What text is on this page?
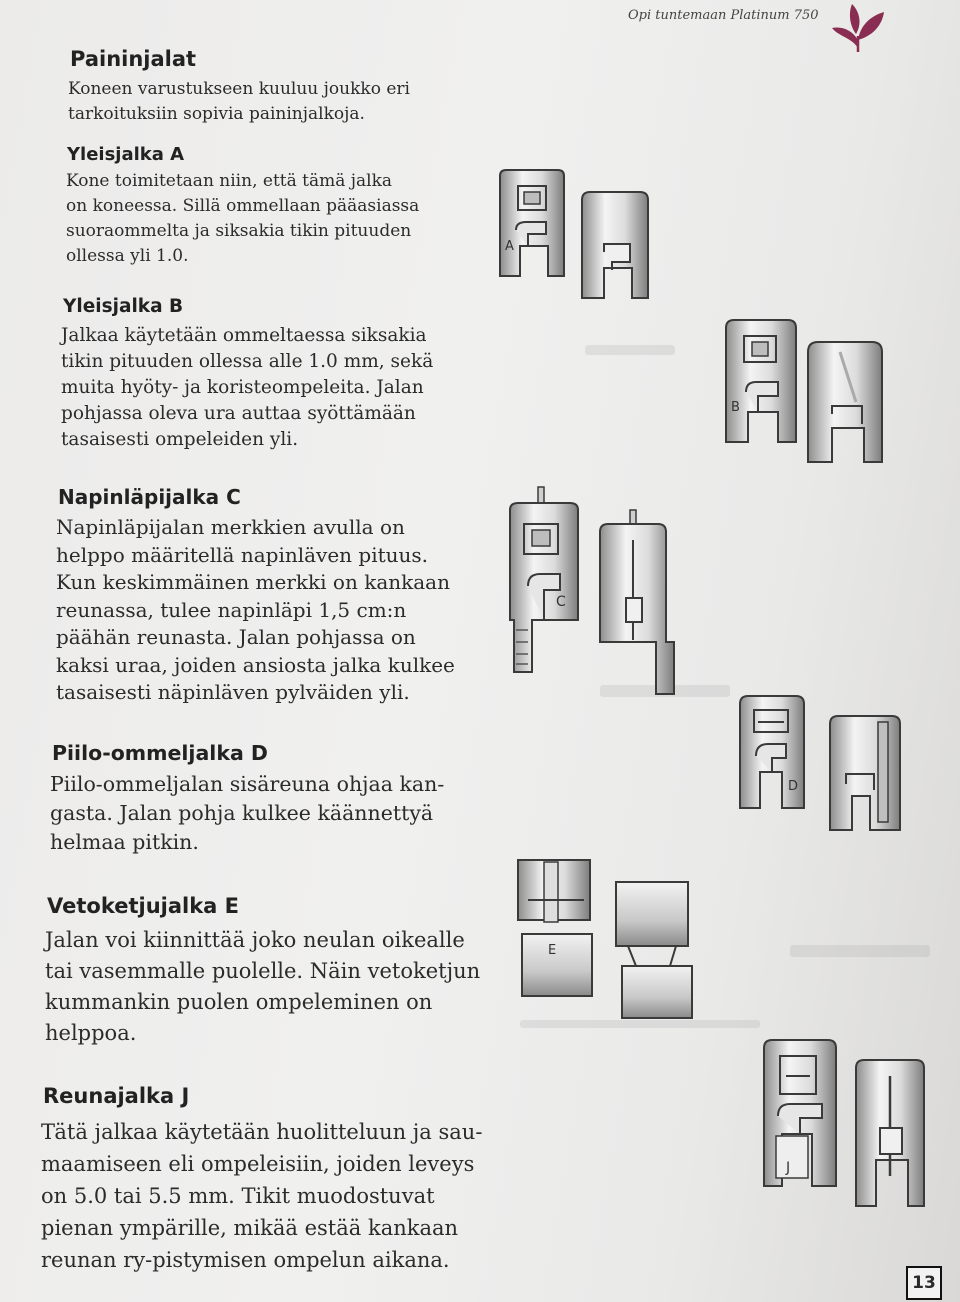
Opi tuntemaan Platinum 750
Paininjalat

Koneen varustukseen kuuluu joukko eri
tarkoituksiin sopivia paininjalkoja.

Yleisjalka A

Kone toimitetaan niin, että tämä jalka
on koneessa. Sillä ommellaan pääasiassa
suoraommelta ja siksakia tikin pituuden
ollessa yli 1.0.

Yleisjalka B

Jalkaa käytetään ommeltaessa siksakia
tikin pituuden ollessa alle 1.0 mm, sekä
muita hyöty- ja koristeompeleita. Jalan
pohjassa oleva ura auttaa syöttämään
tasaisesti ompeleiden yli.

Napinläpijalka C

Napinläpijalan merkkien avulla on
helppo määritellä napinläven pituus.
Kun keskimmäinen merkki on kankaan
reunassa, tulee napinläpi 1,5 cm:n
päähän reunasta. Jalan pohjassa on
kaksi uraa, joiden ansiosta jalka kulkee
tasaisesti näpinläven pylväiden yli.

Piilo-ommeljalka D

Piilo-ommeljalan sisäreuna ohjaa kan-
gasta. Jalan pohja kulkee käännettyä
helmaa pitkin.

Vetoketjujalka E

Jalan voi kiinnittää joko neulan oikealle
tai vasemmalle puolelle. Näin vetoketjun
kummankin puolen ompeleminen on
helppoa.

Reunajalka J

Tätä jalkaa käytetään huolitteluun ja sau-
maamiseen eli ompeleisiin, joiden leveys
on 5.0 tai 5.5 mm. Tikit muodostuvat
pienan ympärille, mikää estää kankaan
reunan ry-pistymisen ompelun aikana.

A
B
C
D
E
J
13
